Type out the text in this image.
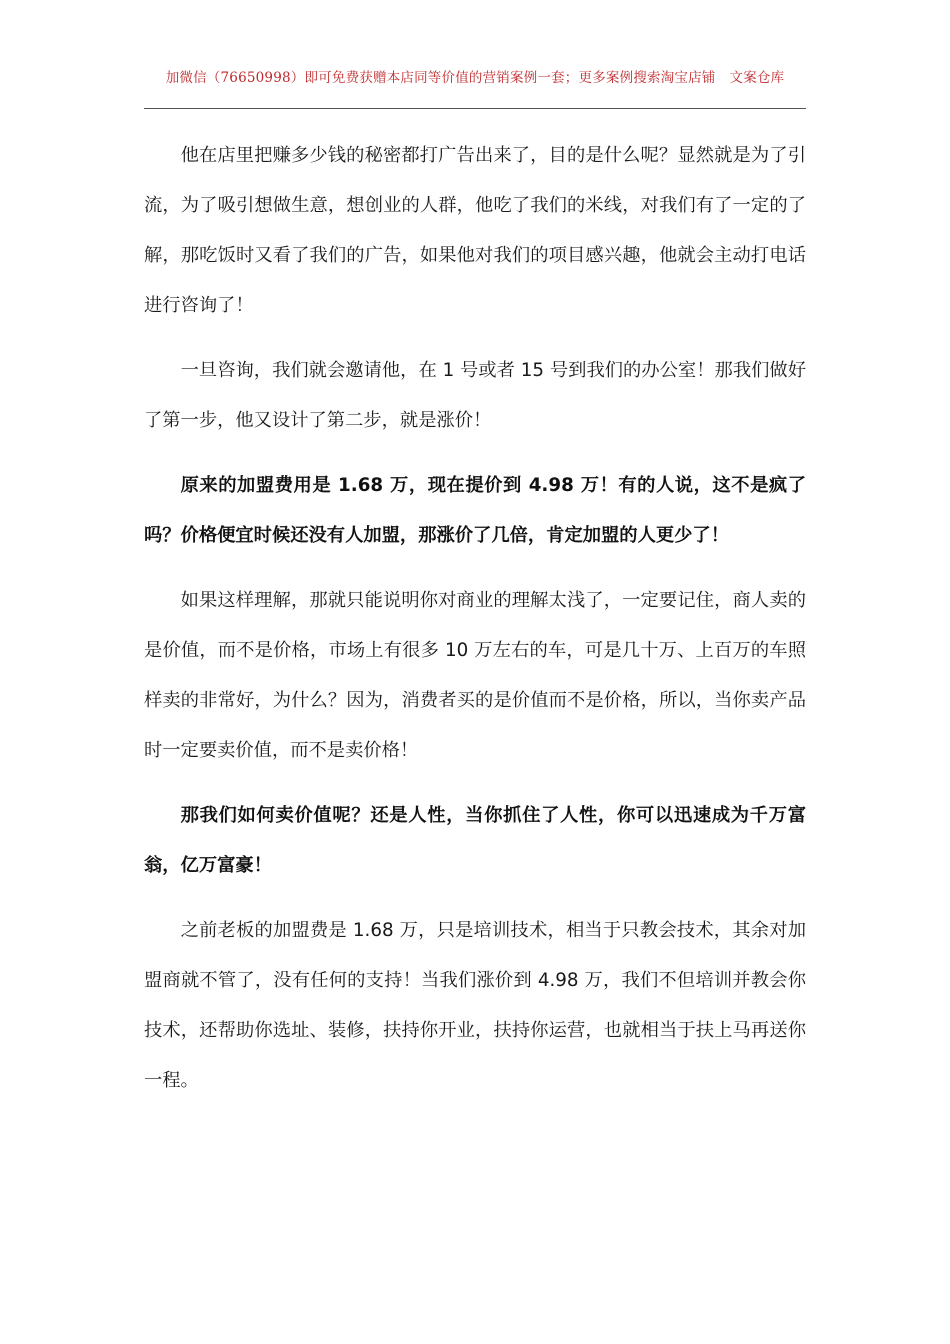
加微信（76650998）即可免费获赠本店同等价值的营销案例一套；更多案例搜索淘宝店铺 文案仓库

他在店里把赚多少钱的秘密都打广告出来了，目的是什么呢？显然就是为了引流，为了吸引想做生意，想创业的人群，他吃了我们的米线，对我们有了一定的了解，那吃饭时又看了我们的广告，如果他对我们的项目感兴趣，他就会主动打电话进行咨询了！

一旦咨询，我们就会邀请他，在 1 号或者 15 号到我们的办公室！那我们做好了第一步，他又设计了第二步，就是涨价！

原来的加盟费用是 1.68 万，现在提价到 4.98 万！有的人说，这不是疯了吗？价格便宜时候还没有人加盟，那涨价了几倍，肯定加盟的人更少了！

如果这样理解，那就只能说明你对商业的理解太浅了，一定要记住，商人卖的是价值，而不是价格，市场上有很多 10 万左右的车，可是几十万、上百万的车照样卖的非常好，为什么？因为，消费者买的是价值而不是价格，所以，当你卖产品时一定要卖价值，而不是卖价格！

那我们如何卖价值呢？还是人性，当你抓住了人性，你可以迅速成为千万富翁，亿万富豪！

之前老板的加盟费是 1.68 万，只是培训技术，相当于只教会技术，其余对加盟商就不管了，没有任何的支持！当我们涨价到 4.98 万，我们不但培训并教会你技术，还帮助你选址、装修，扶持你开业，扶持你运营，也就相当于扶上马再送你一程。
